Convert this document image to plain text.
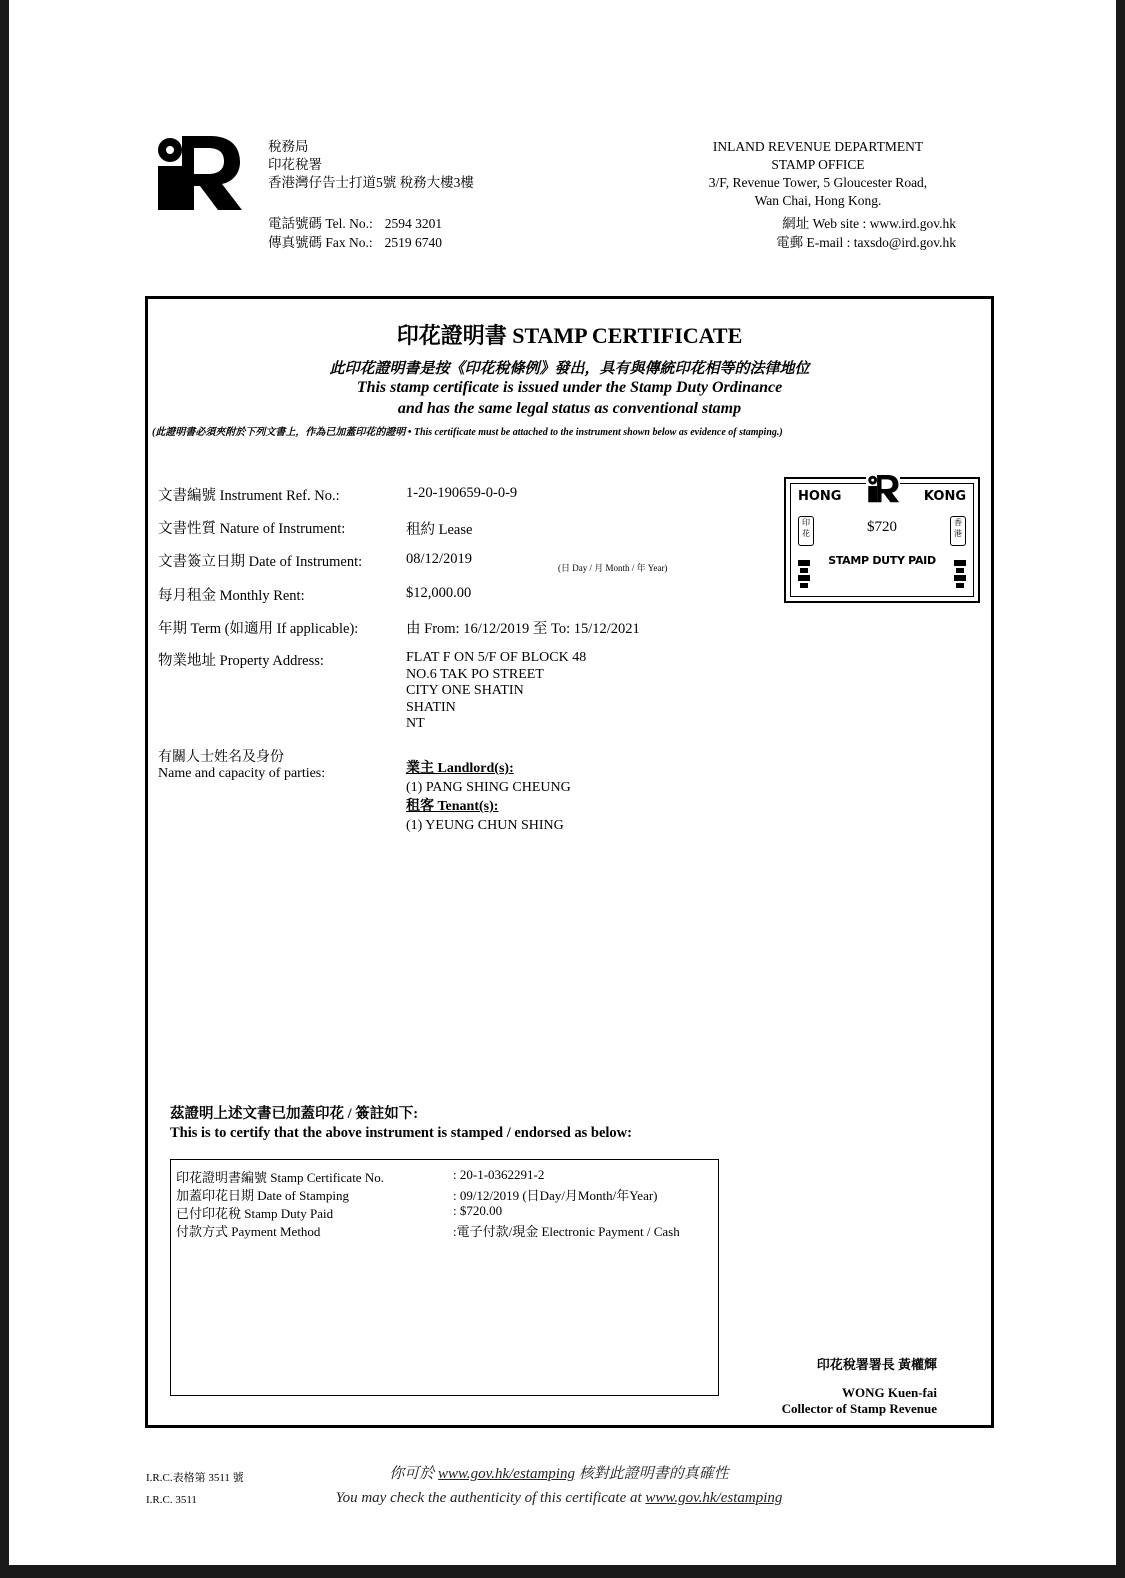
稅務局
印花稅署
香港灣仔告士打道5號 稅務大樓3樓
電話號碼 Tel. No.: 2594 3201
傳真號碼 Fax No.: 2519 6740
INLAND REVENUE DEPARTMENT
STAMP OFFICE
3/F, Revenue Tower, 5 Gloucester Road,
Wan Chai, Hong Kong.
網址 Web site : www.ird.gov.hk
電郵 E-mail : taxsdo@ird.gov.hk
印花證明書 STAMP CERTIFICATE
此印花證明書是按《印花稅條例》發出，具有與傳統印花相等的法律地位
This stamp certificate is issued under the Stamp Duty Ordinance
and has the same legal status as conventional stamp
(此證明書必須夾附於下列文書上，作為已加蓋印花的證明 • This certificate must be attached to the instrument shown below as evidence of stamping.)
文書編號 Instrument Ref. No.:	1-20-190659-0-0-9
文書性質 Nature of Instrument:	租約 Lease
文書簽立日期 Date of Instrument:	08/12/2019
(日 Day / 月 Month / 年 Year)
每月租金 Monthly Rent:	$12,000.00
年期 Term (如適用 If applicable):	由 From: 16/12/2019 至 To: 15/12/2021
物業地址 Property Address:	FLAT F ON 5/F OF BLOCK 48
NO.6 TAK PO STREET
CITY ONE SHATIN
SHATIN
NT
有關人士姓名及身份
Name and capacity of parties:	業主 Landlord(s):
(1) PANG SHING CHEUNG
租客 Tenant(s):
(1) YEUNG CHUN SHING
HONG	KONG
印花
香港
$720
STAMP DUTY PAID
茲證明上述文書已加蓋印花 / 簽註如下:
This is to certify that the above instrument is stamped / endorsed as below:
印花證明書編號 Stamp Certificate No.	: 20-1-0362291-2
加蓋印花日期 Date of Stamping	: 09/12/2019 (日Day/月Month/年Year)
已付印花稅 Stamp Duty Paid	: $720.00
付款方式 Payment Method	:電子付款/現金 Electronic Payment / Cash
印花稅署署長 黃權輝
WONG Kuen-fai
Collector of Stamp Revenue
I.R.C.表格第 3511 號
I.R.C. 3511
你可於 www.gov.hk/estamping 核對此證明書的真確性
You may check the authenticity of this certificate at www.gov.hk/estamping
